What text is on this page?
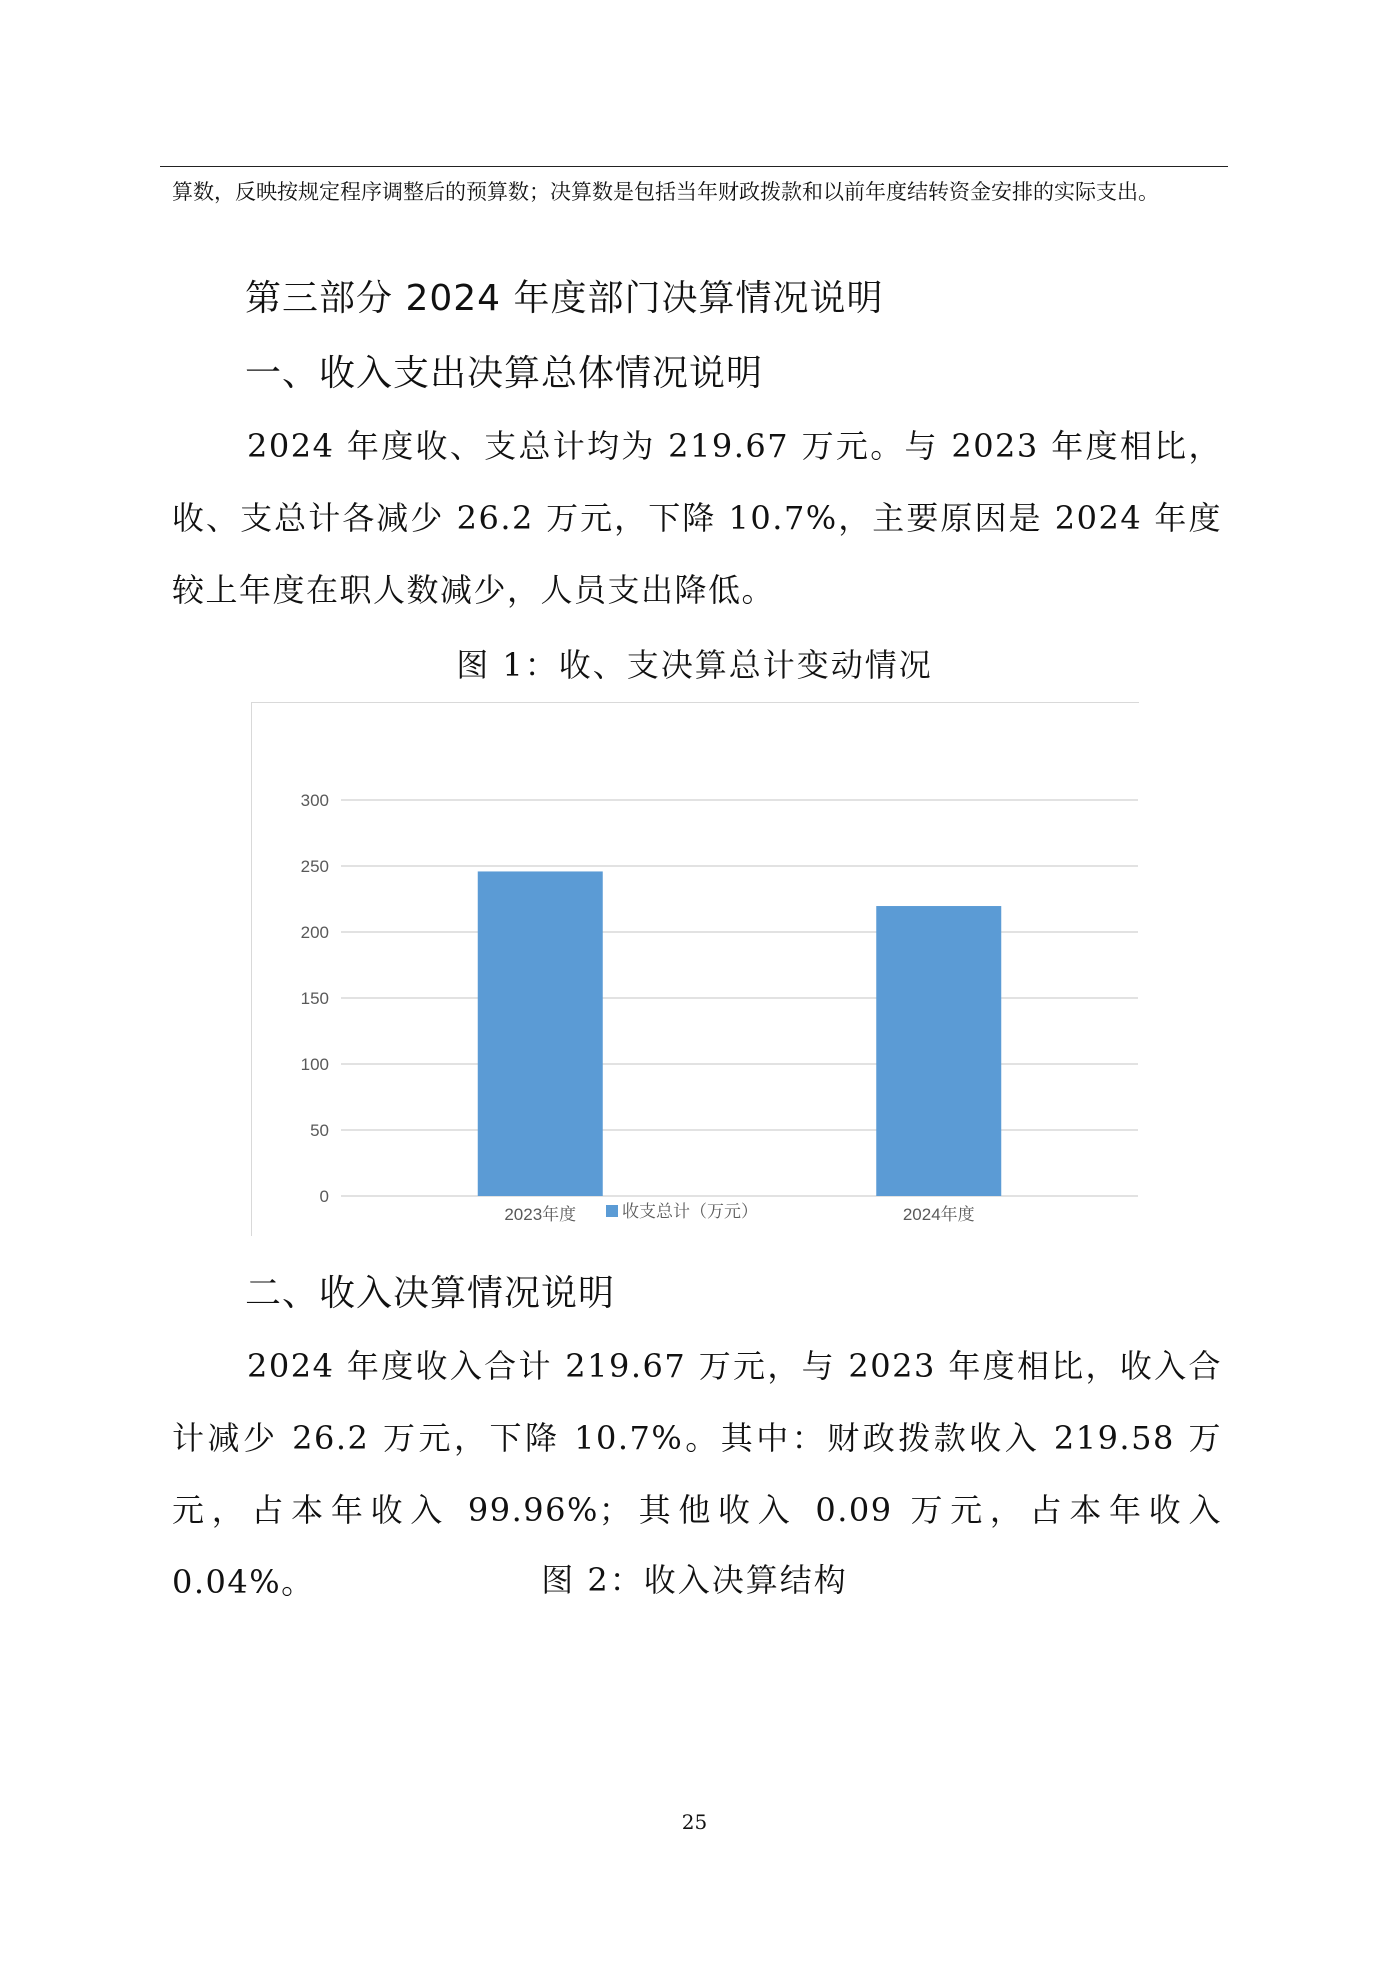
算数，反映按规定程序调整后的预算数；决算数是包括当年财政拨款和以前年度结转资金安排的实际支出。

第三部分 2024 年度部门决算情况说明
一、收入支出决算总体情况说明

2024 年度收、支总计均为 219.67 万元。与 2023 年度相比，收、支总计各减少 26.2 万元，下降 10.7%，主要原因是 2024 年度较上年度在职人数减少，人员支出降低。

图 1：收、支决算总计变动情况

0
50
100
150
200
250
300
2023年度	2024年度
收支总计（万元）
二、收入决算情况说明

2024 年度收入合计 219.67 万元，与 2023 年度相比，收入合计减少 26.2 万元，下降 10.7%。其中：财政拨款收入 219.58 万元，占本年收入 99.96%；其他收入 0.09 万元，占本年收入 0.04%。	图 2：收入决算结构

25
